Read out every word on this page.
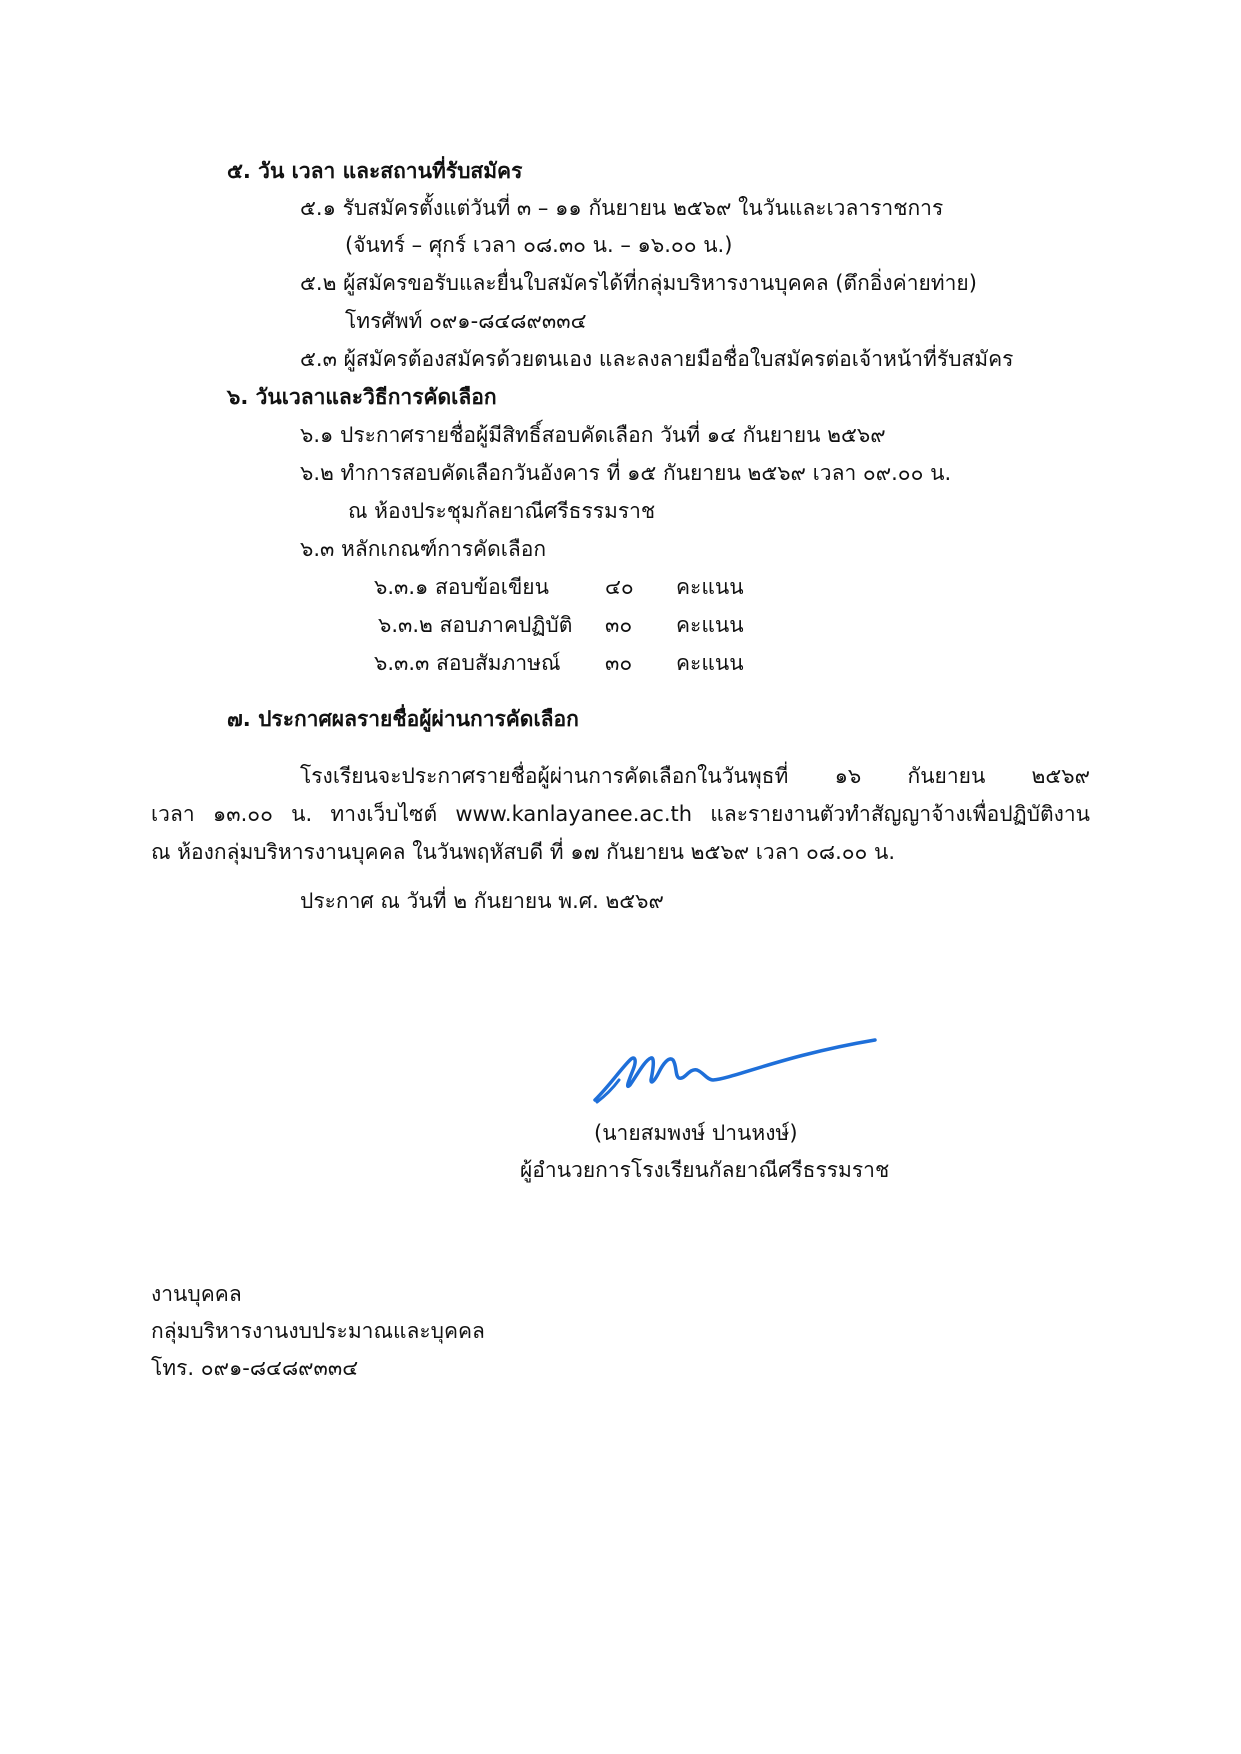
๕. วัน เวลา และสถานที่รับสมัคร
๕.๑ รับสมัครตั้งแต่วันที่ ๓ – ๑๑ กันยายน ๒๕๖๙ ในวันและเวลาราชการ
(จันทร์ – ศุกร์ เวลา ๐๘.๓๐ น. – ๑๖.๐๐ น.)
๕.๒ ผู้สมัครขอรับและยื่นใบสมัครได้ที่กลุ่มบริหารงานบุคคล (ตึกอิ่งค่ายท่าย)
โทรศัพท์ ๐๙๑-๘๔๘๙๓๓๔
๕.๓ ผู้สมัครต้องสมัครด้วยตนเอง และลงลายมือชื่อใบสมัครต่อเจ้าหน้าที่รับสมัคร
๖. วันเวลาและวิธีการคัดเลือก
๖.๑ ประกาศรายชื่อผู้มีสิทธิ์สอบคัดเลือก วันที่ ๑๔ กันยายน ๒๕๖๙
๖.๒ ทำการสอบคัดเลือกวันอังคาร ที่ ๑๕ กันยายน ๒๕๖๙ เวลา ๐๙.๐๐ น.
ณ ห้องประชุมกัลยาณีศรีธรรมราช
๖.๓ หลักเกณฑ์การคัดเลือก
๖.๓.๑ สอบข้อเขียน	๔๐ คะแนน
๖.๓.๒ สอบภาคปฏิบัติ ๓๐ คะแนน
๖.๓.๓ สอบสัมภาษณ์ ๓๐ คะแนน
๗. ประกาศผลรายชื่อผู้ผ่านการคัดเลือก
โรงเรียนจะประกาศรายชื่อผู้ผ่านการคัดเลือกในวันพุธที่ ๑๖ กันยายน ๒๕๖๙
เวลา ๑๓.๐๐ น. ทางเว็บไซต์ www.kanlayanee.ac.th และรายงานตัวทำสัญญาจ้างเพื่อปฏิบัติงาน
ณ ห้องกลุ่มบริหารงานบุคคล ในวันพฤหัสบดี ที่ ๑๗ กันยายน ๒๕๖๙ เวลา ๐๘.๐๐ น.
ประกาศ ณ วันที่ ๒ กันยายน พ.ศ. ๒๕๖๙
(นายสมพงษ์ ปานหงษ์)
ผู้อำนวยการโรงเรียนกัลยาณีศรีธรรมราช
งานบุคคล
กลุ่มบริหารงานงบประมาณและบุคคล
โทร. ๐๙๑-๘๔๘๙๓๓๔
